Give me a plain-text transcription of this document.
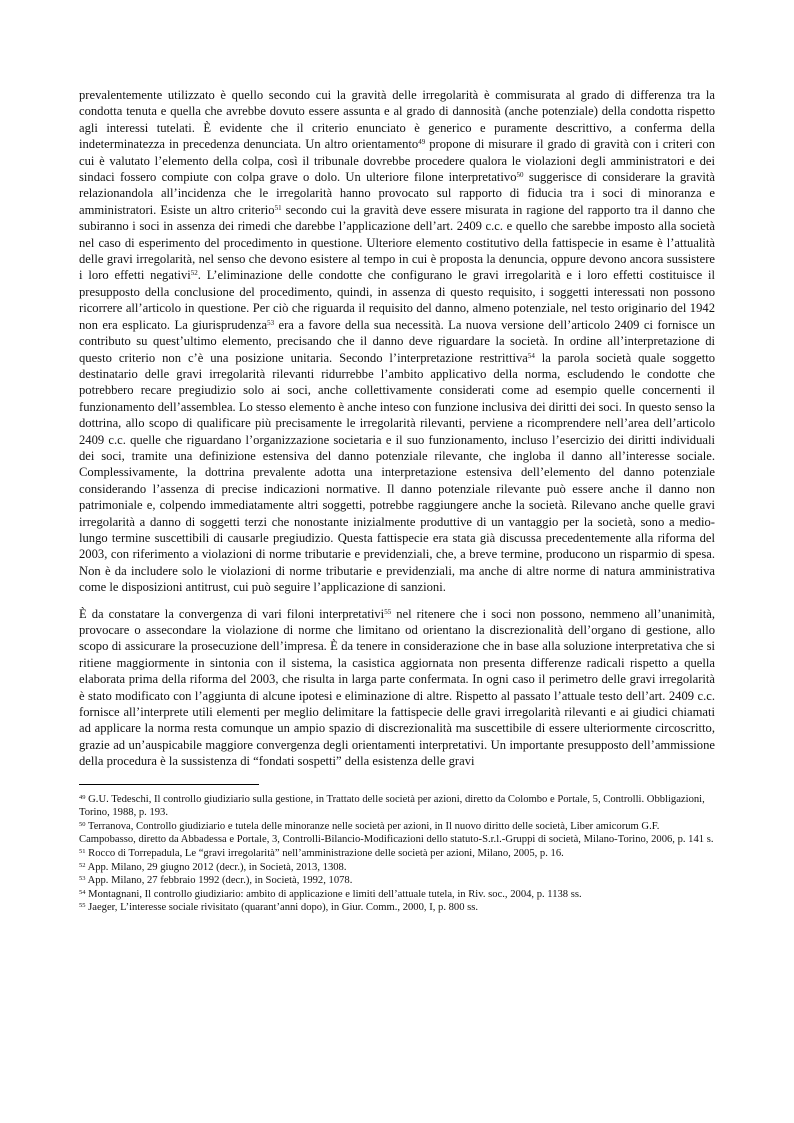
prevalentemente utilizzato è quello secondo cui la gravità delle irregolarità è commisurata al grado di differenza tra la condotta tenuta e quella che avrebbe dovuto essere assunta e al grado di dannosità (anche potenziale) della condotta rispetto agli interessi tutelati. È evidente che il criterio enunciato è generico e puramente descrittivo, a conferma della indeterminatezza in precedenza denunciata. Un altro orientamento$^{49}$ propone di misurare il grado di gravità con i criteri con cui è valutato l’elemento della colpa, così il tribunale dovrebbe procedere qualora le violazioni degli amministratori e dei sindaci fossero compiute con colpa grave o dolo. Un ulteriore filone interpretativo$^{50}$ suggerisce di considerare la gravità relazionandola all’incidenza che le irregolarità hanno provocato sul rapporto di fiducia tra i soci di minoranza e amministratori. Esiste un altro criterio$^{51}$ secondo cui la gravità deve essere misurata in ragione del rapporto tra il danno che subiranno i soci in assenza dei rimedi che darebbe l’applicazione dell’art. 2409 c.c. e quello che sarebbe imposto alla società nel caso di esperimento del procedimento in questione. Ulteriore elemento costitutivo della fattispecie in esame è l’attualità delle gravi irregolarità, nel senso che devono esistere al tempo in cui è proposta la denuncia, oppure devono ancora sussistere i loro effetti negativi$^{52}$. L’eliminazione delle condotte che configurano le gravi irregolarità e i loro effetti costituisce il presupposto della conclusione del procedimento, quindi, in assenza di questo requisito, i soggetti interessati non possono ricorrere all’articolo in questione. Per ciò che riguarda il requisito del danno, almeno potenziale, nel testo originario del 1942 non era esplicato. La giurisprudenza$^{53}$ era a favore della sua necessità. La nuova versione dell’articolo 2409 ci fornisce un contributo su quest’ultimo elemento, precisando che il danno deve riguardare la società. In ordine all’interpretazione di questo criterio non c’è una posizione unitaria. Secondo l’interpretazione restrittiva$^{54}$ la parola società quale soggetto destinatario delle gravi irregolarità rilevanti ridurrebbe l’ambito applicativo della norma, escludendo le condotte che potrebbero recare pregiudizio solo ai soci, anche collettivamente considerati come ad esempio quelle concernenti il funzionamento dell’assemblea. Lo stesso elemento è anche inteso con funzione inclusiva dei diritti dei soci. In questo senso la dottrina, allo scopo di qualificare più precisamente le irregolarità rilevanti, perviene a ricomprendere nell’area dell’articolo 2409 c.c. quelle che riguardano l’organizzazione societaria e il suo funzionamento, incluso l’esercizio dei diritti individuali dei soci, tramite una definizione estensiva del danno potenziale rilevante, che ingloba il danno all’interesse sociale. Complessivamente, la dottrina prevalente adotta una interpretazione estensiva dell’elemento del danno potenziale considerando l’assenza di precise indicazioni normative. Il danno potenziale rilevante può essere anche il danno non patrimoniale e, colpendo immediatamente altri soggetti, potrebbe raggiungere anche la società. Rilevano anche quelle gravi irregolarità a danno di soggetti terzi che nonostante inizialmente produttive di un vantaggio per la società, sono a medio-lungo termine suscettibili di causarle pregiudizio. Questa fattispecie era stata già discussa precedentemente alla riforma del 2003, con riferimento a violazioni di norme tributarie e previdenziali, che, a breve termine, producono un risparmio di spesa. Non è da includere solo le violazioni di norme tributarie e previdenziali, ma anche di altre norme di natura amministrativa come le disposizioni antitrust, cui può seguire l’applicazione di sanzioni.

È da constatare la convergenza di vari filoni interpretativi$^{55}$ nel ritenere che i soci non possono, nemmeno all’unanimità, provocare o assecondare la violazione di norme che limitano od orientano la discrezionalità dell’organo di gestione, allo scopo di assicurare la prosecuzione dell’impresa. È da tenere in considerazione che in base alla soluzione interpretativa che si ritiene maggiormente in sintonia con il sistema, la casistica aggiornata non presenta differenze radicali rispetto a quella elaborata prima della riforma del 2003, che risulta in larga parte confermata. In ogni caso il perimetro delle gravi irregolarità è stato modificato con l’aggiunta di alcune ipotesi e eliminazione di altre. Rispetto al passato l’attuale testo dell’art. 2409 c.c. fornisce all’interprete utili elementi per meglio delimitare la fattispecie delle gravi irregolarità rilevanti e ai giudici chiamati ad applicare la norma resta comunque un ampio spazio di discrezionalità ma suscettibile di essere ulteriormente circoscritto, grazie ad un’auspicabile maggiore convergenza degli orientamenti interpretativi. Un importante presupposto dell’ammissione della procedura è la sussistenza di “fondati sospetti” della esistenza delle gravi

$^{49}$ G.U. Tedeschi, Il controllo giudiziario sulla gestione, in Trattato delle società per azioni, diretto da Colombo e Portale, 5, Controlli. Obbligazioni, Torino, 1988, p. 193.

$^{50}$ Terranova, Controllo giudiziario e tutela delle minoranze nelle società per azioni, in Il nuovo diritto delle società, Liber amicorum G.F. Campobasso, diretto da Abbadessa e Portale, 3, Controlli-Bilancio-Modificazioni dello statuto-S.r.l.-Gruppi di società, Milano-Torino, 2006, p. 141 s.

$^{51}$ Rocco di Torrepadula, Le “gravi irregolarità” nell’amministrazione delle società per azioni, Milano, 2005, p. 16.

$^{52}$ App. Milano, 29 giugno 2012 (decr.), in Società, 2013, 1308.

$^{53}$ App. Milano, 27 febbraio 1992 (decr.), in Società, 1992, 1078.

$^{54}$ Montagnani, Il controllo giudiziario: ambito di applicazione e limiti dell’attuale tutela, in Riv. soc., 2004, p. 1138 ss.

$^{55}$ Jaeger, L’interesse sociale rivisitato (quarant’anni dopo), in Giur. Comm., 2000, I, p. 800 ss.
